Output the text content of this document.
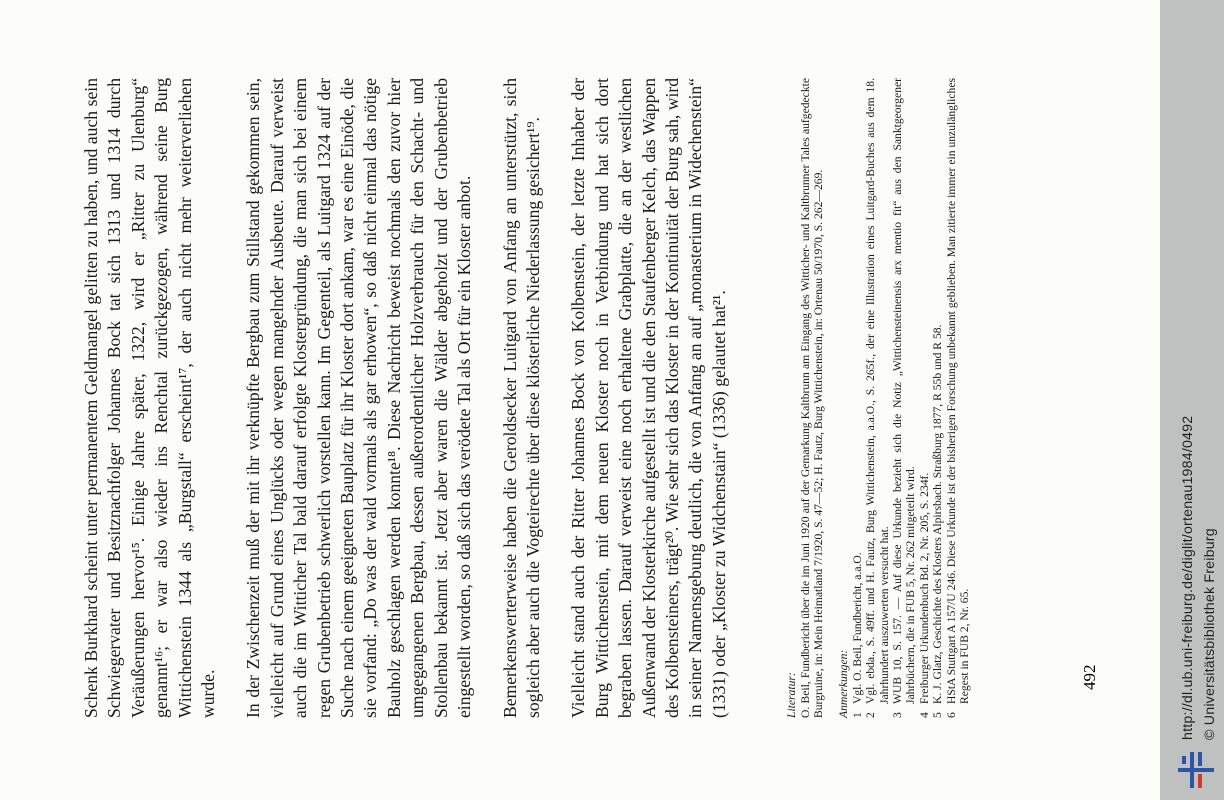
Schenk Burkhard scheint unter permanentem Geldmangel gelitten zu haben, und auch sein Schwiegervater und Besitznachfolger Johannes Bock tat sich 1313 und 1314 durch Veräußerungen hervor¹⁵. Einige Jahre später, 1322, wird er „Ritter zu Ulenburg“ genannt¹⁶; er war also wieder ins Renchtal zurückgezogen, während seine Burg Wittichenstein 1344 als „Burgstall“ erscheint¹⁷, der auch nicht mehr weiterverliehen wurde. In der Zwischenzeit muß der mit ihr verknüpfte Bergbau zum Stillstand gekommen sein, vielleicht auf Grund eines Unglücks oder wegen mangelnder Ausbeute. Darauf verweist auch die im Witticher Tal bald darauf erfolgte Klostergründung, die man sich bei einem regen Grubenbetrieb schwerlich vorstellen kann. Im Gegenteil, als Luitgard 1324 auf der Suche nach einem geeigneten Bauplatz für ihr Kloster dort ankam, war es eine Einöde, die sie vorfand: „Do was der wald vormals als gar erhowen“, so daß nicht einmal das nötige Bauholz geschlagen werden konnte¹⁸. Diese Nachricht beweist nochmals den zuvor hier umgegangenen Bergbau, dessen außerordentlicher Holzverbrauch für den Schacht- und Stollenbau bekannt ist. Jetzt aber waren die Wälder abgeholzt und der Grubenbetrieb eingestellt worden, so daß sich das verödete Tal als Ort für ein Kloster anbot. Bemerkenswerterweise haben die Geroldsecker Luitgard von Anfang an unterstützt, sich sogleich aber auch die Vogteirechte über diese klösterliche Niederlassung gesichert¹⁹. Vielleicht stand auch der Ritter Johannes Bock von Kolbenstein, der letzte Inhaber der Burg Wittichenstein, mit dem neuen Kloster noch in Verbindung und hat sich dort begraben lassen. Darauf verweist eine noch erhaltene Grabplatte, die an der westlichen Außenwand der Klosterkirche aufgestellt ist und die den Staufenberger Kelch, das Wappen des Kolbensteiners, trägt²⁰. Wie sehr sich das Kloster in der Kontinuität der Burg sah, wird in seiner Namensgebung deutlich, die von Anfang an auf „monasterium in Widechenstein“ (1331) oder „Kloster zu Widchenstain“ (1336) gelautet hat²¹.	Literatur: O. Beil, Fundbericht über die im Juni 1920 auf der Gemarkung Kaltbrunn am Eingang des Witticher- und Kaltbrunner Tales aufgedeckte Burgruine, in: Mein Heimatland 7/1920, S. 47—52; H. Fautz, Burg Wittichenstein, in: Ortenau 50/1970, S. 262—269. Anmerkungen: 1
Vgl. O. Beil, Fundbericht, a.a.O.
2
Vgl. ebda., S. 49ff. und H. Fautz, Burg Wittichenstein, a.a.O., S. 265f., der eine Illustration eines Luitgard-Buches aus dem 18. Jahrhundert auszuwerten versucht hat.
3
WUB 10, S. 157. — Auf diese Urkunde bezieht sich die Notiz „Wittichensteinensis arx mentio fit“ aus den Sanktgeorgener Jahrbüchern, die in FUB 5, Nr. 262 mitgeteilt wird.
4
Freiburger Urkundenbuch Bd. 2, Nr. 205, S. 234f.
5
K. J. Glatz, Geschichte des Klosters Alpirsbach. Straßburg 1877, R 55b und R 58.
6
HStA Stuttgart A 157/U 246. Diese Urkunde ist der bisherigen Forschung unbekannt geblieben. Man zitierte immer ein unzulängliches Regest in FUB 2, Nr. 65.	492	http://dl.ub.uni-freiburg.de/diglit/ortenau1984/0492 © Universitätsbibliothek Freiburg
